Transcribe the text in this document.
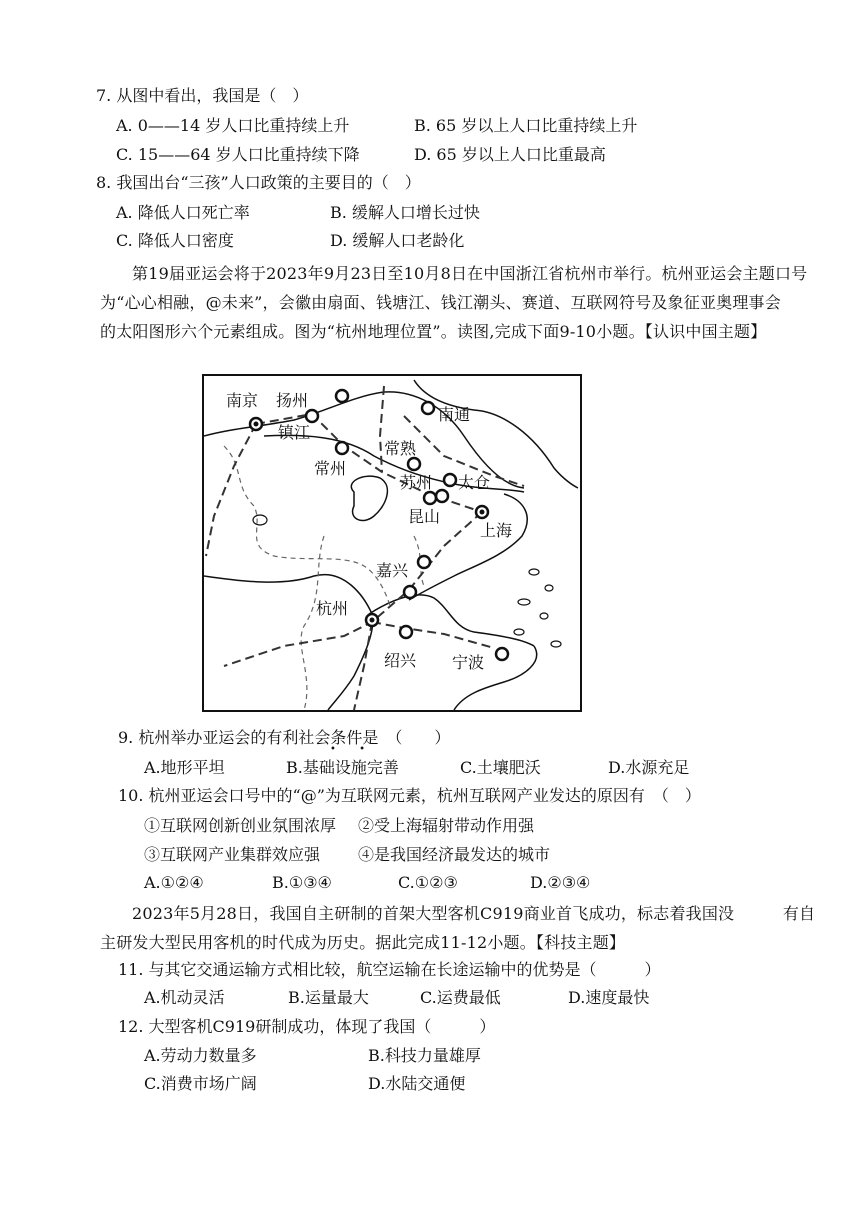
7. 从图中看出，我国是（　）
A. 0——14 岁人口比重持续上升	B. 65 岁以上人口比重持续上升
C. 15——64 岁人口比重持续下降	D. 65 岁以上人口比重最高
8. 我国出台“三孩”人口政策的主要目的（　）
A. 降低人口死亡率	B. 缓解人口增长过快
C. 降低人口密度	D. 缓解人口老龄化
第19届亚运会将于2023年9月23日至10月8日在中国浙江省杭州市举行。杭州亚运会主题口号
为“心心相融，@未来”，会徽由扇面、钱塘江、钱江潮头、赛道、互联网符号及象征亚奥理事会
的太阳图形六个元素组成。图为“杭州地理位置”。读图,完成下面9-10小题。【认识中国主题】
南京 扬州
镇江
南通
常熟
常州
苏州 太仓
昆山
上海
嘉兴
杭州
绍兴 宁波
9. 杭州举办亚运会的有利社会条件是　（　　）
• •
A.地形平坦	B.基础设施完善	C.土壤肥沃	D.水源充足
10. 杭州亚运会口号中的“@”为互联网元素，杭州互联网产业发达的原因有　（　）
①互联网创新创业氛围浓厚 ②受上海辐射带动作用强
③互联网产业集群效应强 ④是我国经济最发达的城市
A.①②④	B.①③④	C.①②③	D.②③④
2023年5月28日，我国自主研制的首架大型客机C919商业首飞成功，标志着我国没　　　有自
主研发大型民用客机的时代成为历史。据此完成11-12小题。【科技主题】
11. 与其它交通运输方式相比较，航空运输在长途运输中的优势是（　　　）
A.机动灵活	B.运量最大	C.运费最低	D.速度最快
12. 大型客机C919研制成功，体现了我国（　　　）
A.劳动力数量多	B.科技力量雄厚
C.消费市场广阔	D.水陆交通便
